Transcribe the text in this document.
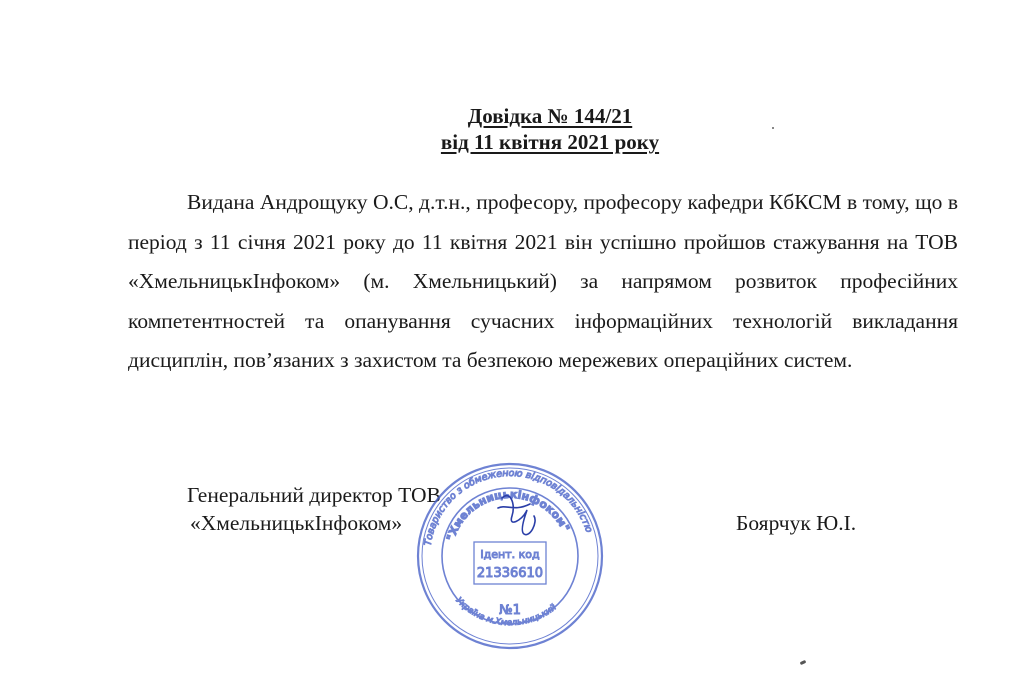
Довідка № 144/21
від 11 квітня 2021 року

Видана Андрощуку О.С, д.т.н., професору, професору кафедри КбКСМ в тому, що в період з 11 січня 2021 року до 11 квітня 2021 він успішно пройшов стажування на ТОВ «ХмельницькІнфоком» (м. Хмельницький) за напрямом розвиток професійних компетентностей та опанування сучасних інформаційних технологій викладання дисциплін, пов’язаних з захистом та безпекою мережевих операційних систем.

Генеральний директор ТОВ
«ХмельницькІнфоком»	Боярчук Ю.І.
Товариство з обмеженою відповідальністю
"Хмельницькінфоком"
Україна м.Хмельницький
Ідент. код
21336610
№1
